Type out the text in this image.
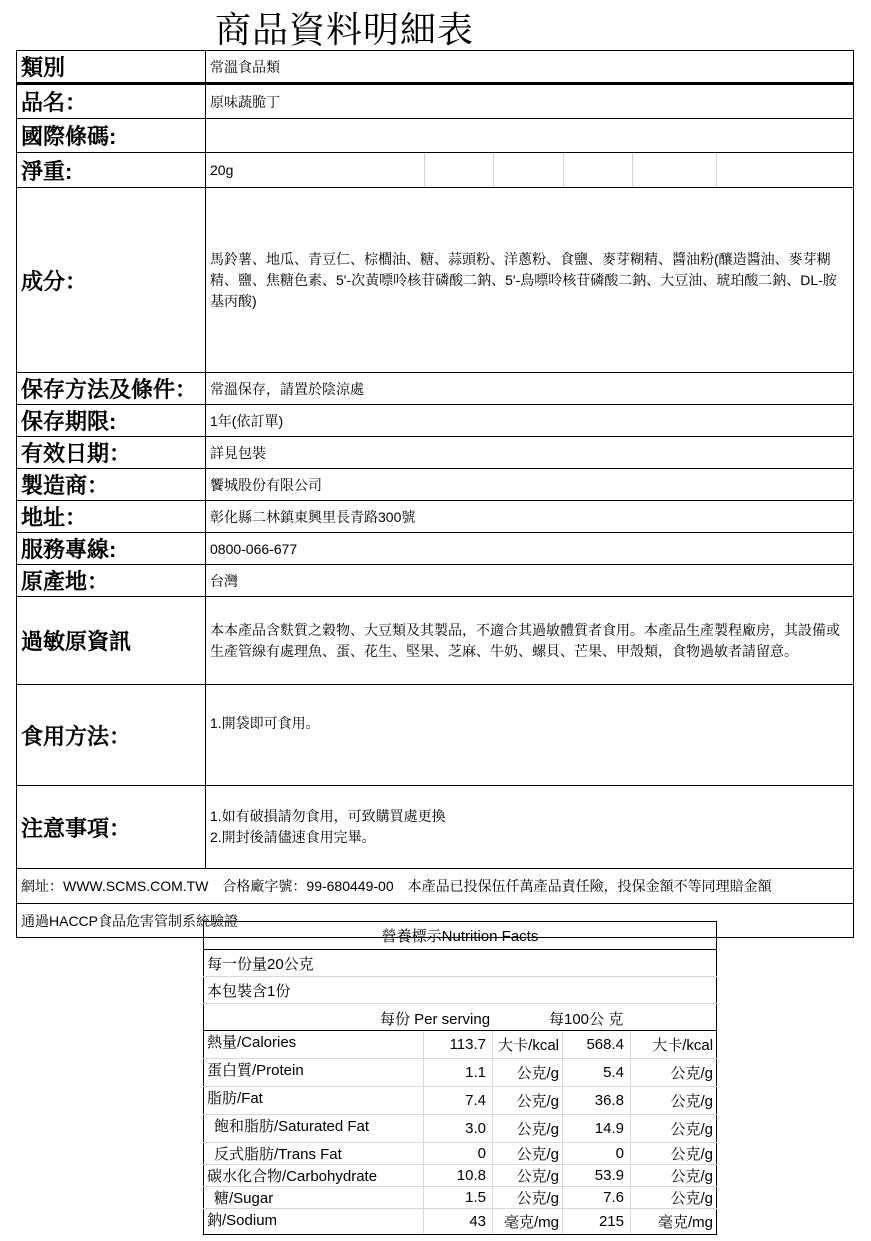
商品資料明細表
類別	常溫食品類
品名：	原味蔬脆丁
國際條碼:	
淨重:	20g

成分：	馬鈴薯、地瓜、青豆仁、棕櫚油、糖、蒜頭粉、洋蔥粉、食鹽、麥芽糊精、醬油粉(釀造醬油、麥芽糊精、鹽、焦糖色素、5'-次黃嘌呤核苷磷酸二鈉、5'-鳥嘌呤核苷磷酸二鈉、大豆油、琥珀酸二鈉、DL-胺基丙酸)

保存方法及條件：	常溫保存，請置於陰涼處
保存期限:	1年(依訂單)
有效日期：	詳見包裝
製造商：	饗城股份有限公司
地址：	彰化縣二林鎮東興里長青路300號
服務專線:	0800-066-677
原產地：	台灣
過敏原資訊	本本產品含麩質之穀物、大豆類及其製品，不適合其過敏體質者食用。本產品生產製程廠房，其設備或生產管線有處理魚、蛋、花生、堅果、芝麻、牛奶、螺貝、芒果、甲殼類，食物過敏者請留意。

食用方法：	1.開袋即可食用。

注意事項：	1.如有破損請勿食用，可致購買處更換
2.開封後請儘速食用完畢。

網址：WWW.SCMS.COM.TW　合格廠字號：99-680449-00　本產品已投保伍仟萬產品責任險，投保金額不等同理賠金額	
通過HACCP食品危害管制系統驗證	
營養標示Nutrition Facts				
每一份量20公克				
本包裝含1份				

每份 Per serving 每100公 克				

熱量/Calories	113.7	大卡/kcal	568.4	大卡/kcal
蛋白質/Protein	1.1	公克/g	5.4	公克/g
脂肪/Fat	7.4	公克/g	36.8	公克/g
飽和脂肪/Saturated Fat	3.0	公克/g	14.9	公克/g
反式脂肪/Trans Fat	0	公克/g	0	公克/g
碳水化合物/Carbohydrate	10.8	公克/g	53.9	公克/g
糖/Sugar	1.5	公克/g	7.6	公克/g
鈉/Sodium	43	毫克/mg	215	毫克/mg
